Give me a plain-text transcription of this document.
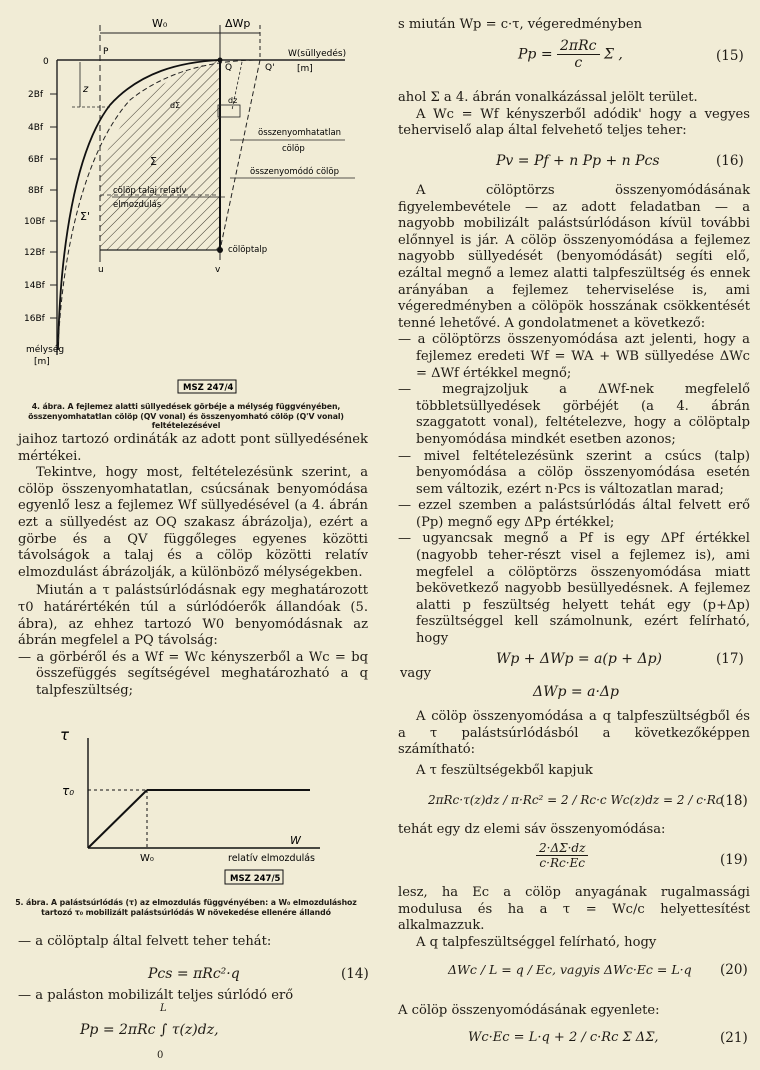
W₀	ΔWp
P	W(süllyedés)
[m]
0
Q	Q'
z
dz
dΣ
Σ
Σ'
u	v
összenyomhatatlan
cölöp
összenyomódó cölöp
cölöp talaj relatív
elmozdulás
cölöptalp
mélység
[m]
2Bf
4Bf
6Bf
8Bf
10Bf
12Bf
14Bf
16Bf
MSZ 247/4
4. ábra. A fejlemez alatti süllyedések görbéje a mélység függvényében, összenyomhatatlan cölöp (QV vonal) és összenyomható cölöp (Q'V vonal) feltételezésével

jaihoz tartozó ordináták az adott pont süllyedésének mértékei.

Tekintve, hogy most, feltételezésünk szerint, a cölöp összenyomhatatlan, csúcsának benyomódása egyenlő lesz a fejlemez Wf süllyedésével (a 4. ábrán ezt a süllyedést az OQ szakasz ábrázolja), ezért a görbe és a QV függőleges egyenes közötti távolságok a talaj és a cölöp közötti relatív elmozdulást ábrázolják, a különböző mélységekben.

Miután a τ palástsúrlódásnak egy meghatározott τ0 határértékén túl a súrlódóerők állandóak (5. ábra), az ehhez tartozó W0 benyomódásnak az ábrán megfelel a PQ távolság:

— a görbéről és a Wf = Wc kényszerből a Wc = bq összefüggés segítségével meghatározható a q talpfeszültség;

τ
τ₀
W
W₀	relatív elmozdulás
MSZ 247/5
5. ábra. A palástsúrlódás (τ) az elmozdulás függvényében: a W₀ elmozduláshoz tartozó τ₀ mobilizált palástsúrlódás W növekedése ellenére állandó

— a cölöptalp által felvett teher tehát:

Pcs = πRc²·q	(14)

— a paláston mobilizált teljes súrlódó erő

L
Pp = 2πRc ∫ τ(z)dz,
0

s miután Wp = c·τ, végeredményben

$Pp = \frac{\text{2πRc}}{c}$ Σ ,	(15)

ahol Σ a 4. ábrán vonalkázással jelölt terület.

A Wc = Wf kényszerből adódik' hogy a vegyes teherviselő alap által felvehető teljes teher:

Pv = Pf + n Pp + n Pcs	(16)

A cölöptörzs összenyomódásának figyelembevétele — az adott feladatban — a nagyobb mobilizált palástsúrlódáson kívül további előnnyel is jár. A cölöp összenyomódása a fejlemez nagyobb süllyedését (benyomódását) segíti elő, ezáltal megnő a lemez alatti talpfeszültség és ennek arányában a fejlemez teherviselése is, ami végeredményben a cölöpök hosszának csökkentését tenné lehetővé. A gondolatmenet a következő:

— a cölöptörzs összenyomódása azt jelenti, hogy a fejlemez eredeti Wf = WA + WB süllyedése ΔWc = ΔWf értékkel megnő;

— megrajzoljuk a ΔWf-nek megfelelő többletsüllyedések görbéjét (a 4. ábrán szaggatott vonal), feltételezve, hogy a cölöptalp benyomódása mindkét esetben azonos;

— mivel feltételezésünk szerint a csúcs (talp) benyomódása a cölöp összenyomódása esetén sem változik, ezért n·Pcs is változatlan marad;

— ezzel szemben a palástsúrlódás által felvett erő (Pp) megnő egy ΔPp értékkel;

— ugyancsak megnő a Pf is egy ΔPf értékkel (nagyobb teher-részt visel a fejlemez is), ami megfelel a cölöptörzs összenyomódása miatt bekövetkező nagyobb besüllyedésnek. A fejlemez alatti p feszültség helyett tehát egy (p+Δp) feszültséggel kell számolnunk, ezért felírható, hogy

Wp + ΔWp = a(p + Δp)	(17)
vagy
ΔWp = a·Δp

A cölöp összenyomódása a q talpfeszültségből és a τ palástsúrlódásból a következőképpen számítható:

A τ feszültségekből kapjuk

2πRc·τ(z)dz / π·Rc² = 2 / Rc·c Wc(z)dz = 2 / c·Rc
(18)

tehát egy dz elemi sáv összenyomódása:

$\frac{2\cdot\Delta\Sigma\cdot dz}{c\cdot Rc\cdot Ec}$	(19)

lesz, ha Ec a cölöp anyagának rugalmassági modulusa és ha a τ = Wc/c helyettesítést alkalmazzuk.

A q talpfeszültséggel felírható, hogy

ΔWc / L = q / Ec, vagyis ΔWc·Ec = L·q (20)

A cölöp összenyomódásának egyenlete:

Wc·Ec = L·q + 2 / c·Rc Σ ΔΣ,	(21)
